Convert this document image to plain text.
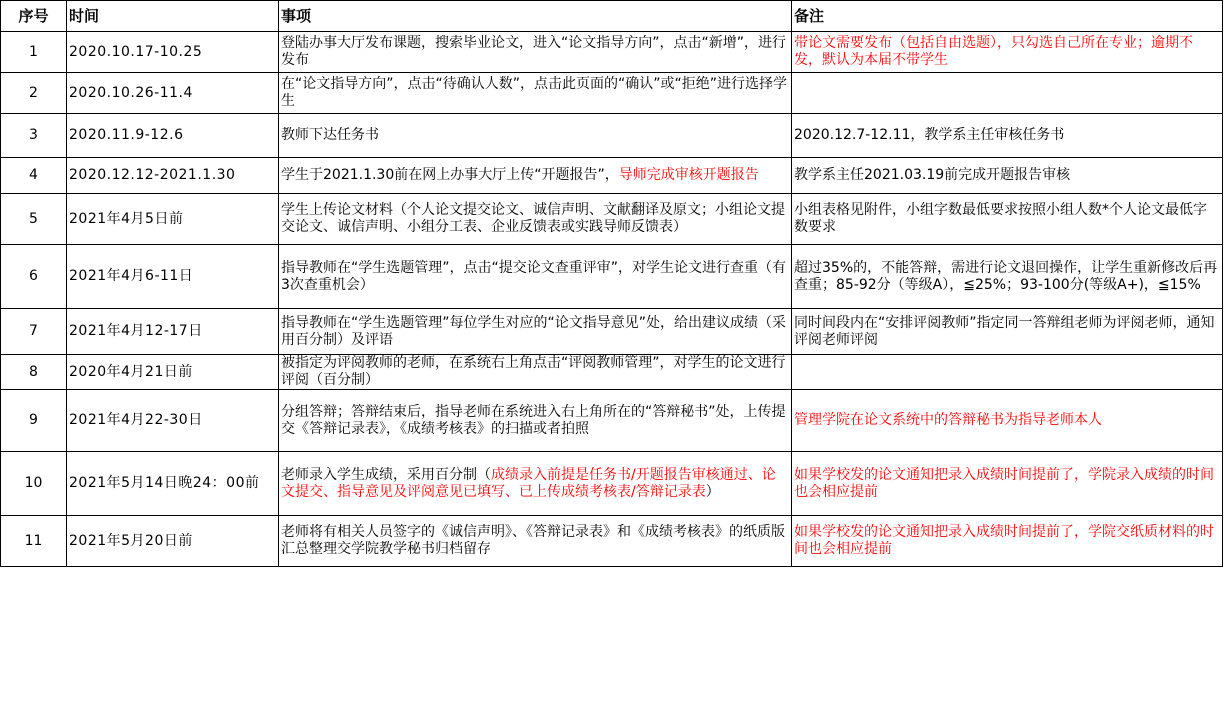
序号	时间	事项	备注
1	2020.10.17-10.25	登陆办事大厅发布课题，搜索毕业论文，进入“论文指导方向”，点击“新增”，进行发布	带论文需要发布（包括自由选题），只勾选自己所在专业；逾期不发，默认为本届不带学生
2	2020.10.26-11.4	在“论文指导方向”，点击“待确认人数”，点击此页面的“确认”或“拒绝”进行选择学生	
3	2020.11.9-12.6	教师下达任务书	2020.12.7-12.11，教学系主任审核任务书
4	2020.12.12-2021.1.30	学生于2021.1.30前在网上办事大厅上传“开题报告”，导师完成审核开题报告	教学系主任2021.03.19前完成开题报告审核
5	2021年4月5日前	学生上传论文材料（个人论文提交论文、诚信声明、文献翻译及原文；小组论文提交论文、诚信声明、小组分工表、企业反馈表或实践导师反馈表）	小组表格见附件，小组字数最低要求按照小组人数*个人论文最低字数要求
6	2021年4月6-11日	指导教师在“学生选题管理”，点击“提交论文查重评审”，对学生论文进行查重（有3次查重机会）	超过35%的，不能答辩，需进行论文退回操作，让学生重新修改后再查重；85-92分（等级A），≦25%；93-100分(等级A+)，≦15%
7	2021年4月12-17日	指导教师在“学生选题管理”每位学生对应的“论文指导意见”处，给出建议成绩（采用百分制）及评语	同时间段内在“安排评阅教师”指定同一答辩组老师为评阅老师，通知评阅老师评阅
8	2020年4月21日前	被指定为评阅教师的老师，在系统右上角点击“评阅教师管理”，对学生的论文进行评阅（百分制）	
9	2021年4月22-30日	分组答辩；答辩结束后，指导老师在系统进入右上角所在的“答辩秘书”处，上传提交《答辩记录表》，《成绩考核表》的扫描或者拍照	管理学院在论文系统中的答辩秘书为指导老师本人
10	2021年5月14日晚24：00前	老师录入学生成绩，采用百分制（成绩录入前提是任务书/开题报告审核通过、论文提交、指导意见及评阅意见已填写、已上传成绩考核表/答辩记录表）	如果学校发的论文通知把录入成绩时间提前了，学院录入成绩的时间也会相应提前
11	2021年5月20日前	老师将有相关人员签字的《诚信声明》、《答辩记录表》和《成绩考核表》的纸质版汇总整理交学院教学秘书归档留存	如果学校发的论文通知把录入成绩时间提前了，学院交纸质材料的时间也会相应提前
